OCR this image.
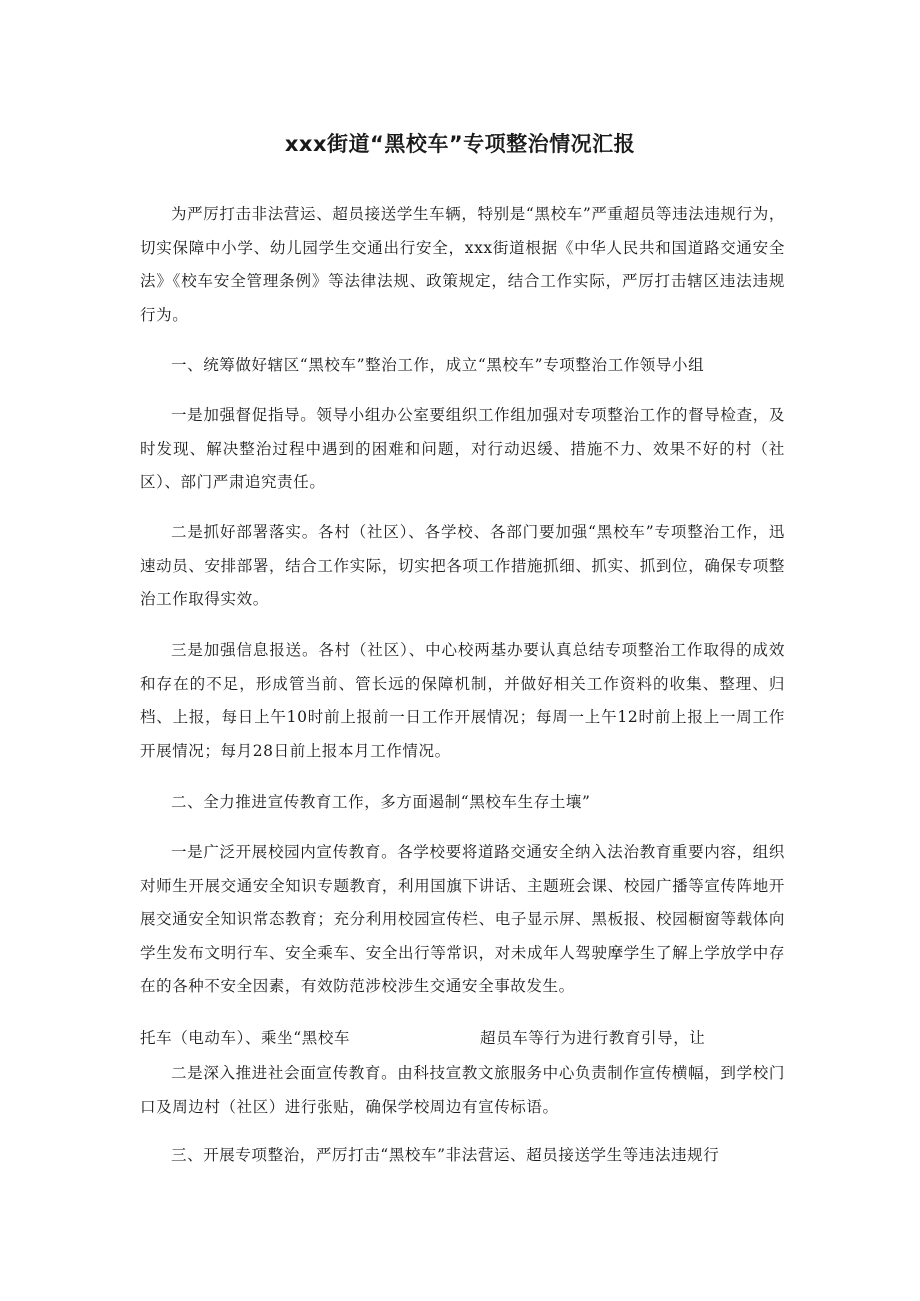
xxx街道“黑校车”专项整治情况汇报

为严厉打击非法营运、超员接送学生车辆，特别是“黑校车”严重超员等违法违规行为，切实保障中小学、幼儿园学生交通出行安全，xxx街道根据《中华人民共和国道路交通安全法》《校车安全管理条例》等法律法规、政策规定，结合工作实际，严厉打击辖区违法违规行为。

一、统筹做好辖区“黑校车”整治工作，成立“黑校车”专项整治工作领导小组

一是加强督促指导。领导小组办公室要组织工作组加强对专项整治工作的督导检查，及时发现、解决整治过程中遇到的困难和问题，对行动迟缓、措施不力、效果不好的村（社区）、部门严肃追究责任。

二是抓好部署落实。各村（社区）、各学校、各部门要加强“黑校车”专项整治工作，迅速动员、安排部署，结合工作实际，切实把各项工作措施抓细、抓实、抓到位，确保专项整治工作取得实效。

三是加强信息报送。各村（社区）、中心校两基办要认真总结专项整治工作取得的成效和存在的不足，形成管当前、管长远的保障机制，并做好相关工作资料的收集、整理、归档、上报，每日上午10时前上报前一日工作开展情况；每周一上午12时前上报上一周工作开展情况；每月28日前上报本月工作情况。

二、全力推进宣传教育工作，多方面遏制“黑校车生存土壤”

一是广泛开展校园内宣传教育。各学校要将道路交通安全纳入法治教育重要内容，组织对师生开展交通安全知识专题教育，利用国旗下讲话、主题班会课、校园广播等宣传阵地开展交通安全知识常态教育；充分利用校园宣传栏、电子显示屏、黑板报、校园橱窗等载体向学生发布文明行车、安全乘车、安全出行等常识，对未成年人驾驶摩学生了解上学放学中存在的各种不安全因素，有效防范涉校涉生交通安全事故发生。

托车（电动车）、乘坐“黑校车	超员车等行为进行教育引导，让

二是深入推进社会面宣传教育。由科技宣教文旅服务中心负责制作宣传横幅，到学校门口及周边村（社区）进行张贴，确保学校周边有宣传标语。

三、开展专项整治，严厉打击“黑校车”非法营运、超员接送学生等违法违规行
